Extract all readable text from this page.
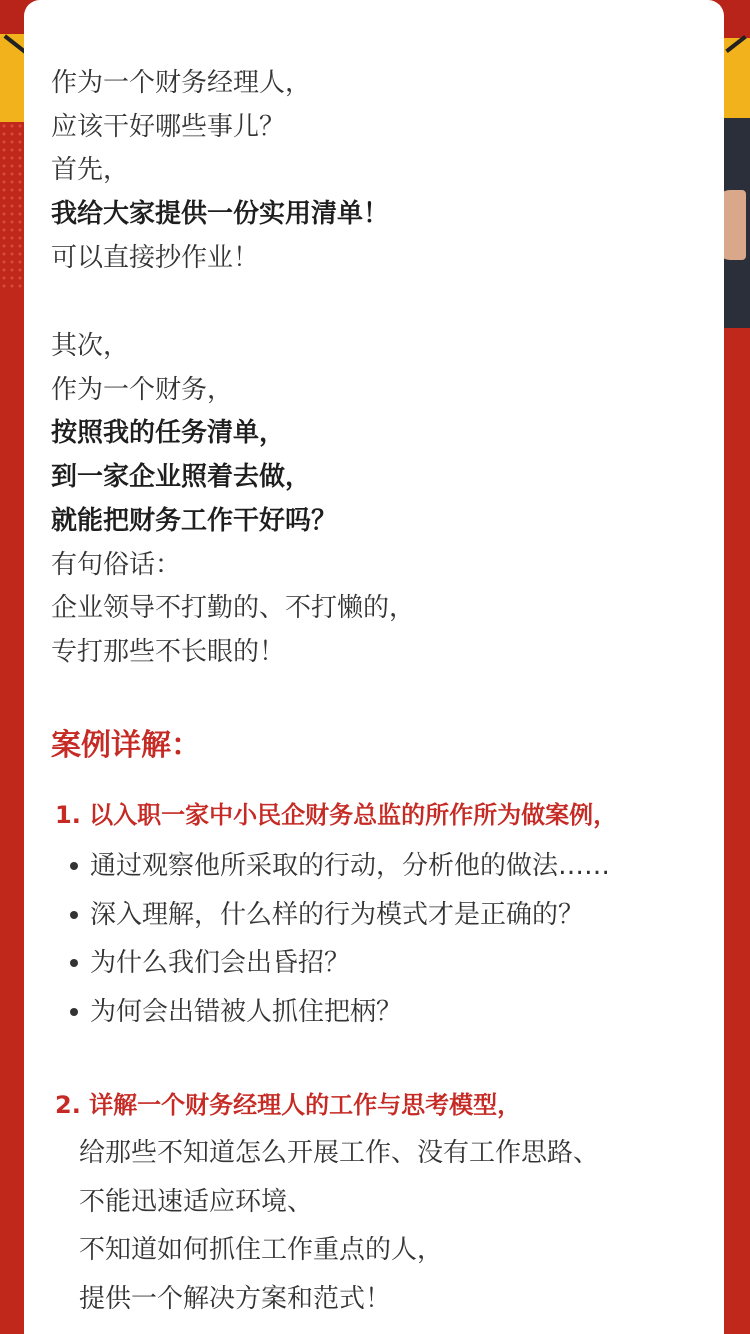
作为一个财务经理人，
应该干好哪些事儿？
首先，
我给大家提供一份实用清单！
可以直接抄作业！
其次，
作为一个财务，
按照我的任务清单，
到一家企业照着去做，
就能把财务工作干好吗？
有句俗话：
企业领导不打勤的、不打懒的，
专打那些不长眼的！
案例详解：
1. 以入职一家中小民企财务总监的所作所为做案例，
通过观察他所采取的行动，分析他的做法……
深入理解，什么样的行为模式才是正确的？
为什么我们会出昏招？
为何会出错被人抓住把柄？
2. 详解一个财务经理人的工作与思考模型，
给那些不知道怎么开展工作、没有工作思路、
不能迅速适应环境、
不知道如何抓住工作重点的人，
提供一个解决方案和范式！
